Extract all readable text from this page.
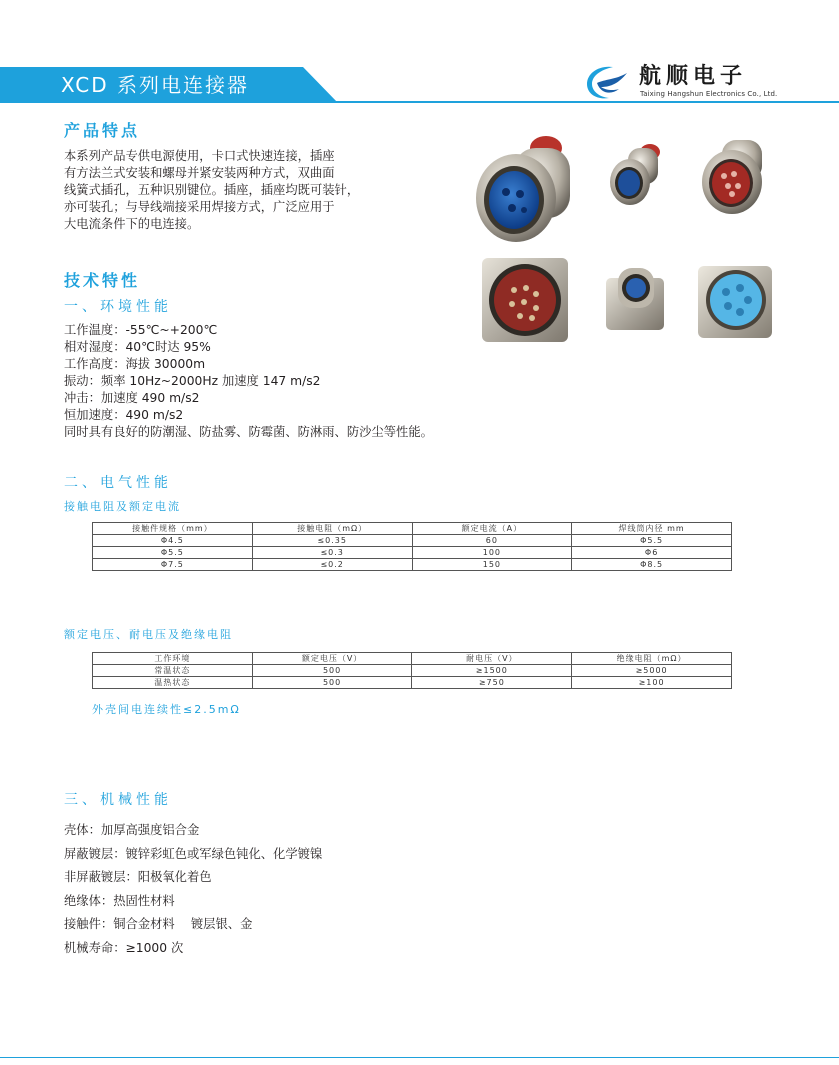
XCD 系列电连接器	航顺电子
Taixing Hangshun Electronics Co., Ltd.
产品特点
本系列产品专供电源使用，卡口式快速连接，插座
有方法兰式安装和螺母并紧安装两种方式，双曲面
线簧式插孔，五种识别键位。插座，插座均既可装针，
亦可装孔；与导线端接采用焊接方式，广泛应用于
大电流条件下的电连接。
技术特性
一、环境性能
工作温度：-55℃~+200℃
相对湿度：40℃时达 95%
工作高度：海拔 30000m
振动：频率 10Hz~2000Hz 加速度 147 m/s2
冲击：加速度 490 m/s2
恒加速度：490 m/s2
同时具有良好的防潮湿、防盐雾、防霉菌、防淋雨、防沙尘等性能。
二、电气性能
接触电阻及额定电流
接触件规格（mm）	接触电阻（mΩ）	额定电流（A）	焊线筒内径 mm
Φ4.5	≤0.35	60	Φ5.5
Φ5.5	≤0.3	100	Φ6
Φ7.5	≤0.2	150	Φ8.5
额定电压、耐电压及绝缘电阻
工作环境	额定电压（V）	耐电压（V）	绝缘电阻（mΩ）
常温状态	500	≥1500	≥5000
温热状态	500	≥750	≥100
外壳间电连续性≤2.5mΩ
三、机械性能
壳体：加厚高强度铝合金
屏蔽镀层：镀锌彩虹色或军绿色钝化、化学镀镍
非屏蔽镀层：阳极氧化着色
绝缘体：热固性材料
接触件：铜合金材料　 镀层银、金
机械寿命：≥1000 次
